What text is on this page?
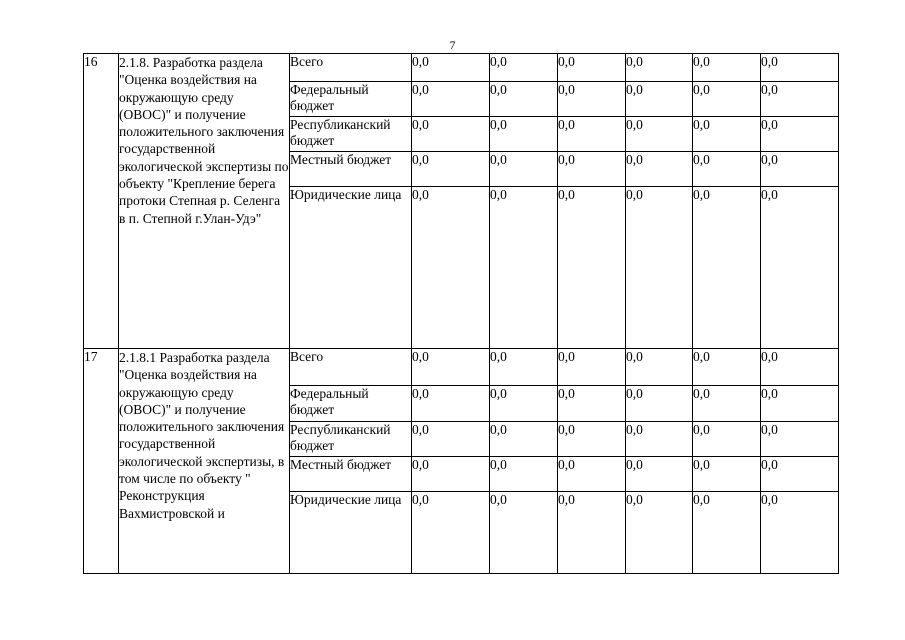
7
16	2.1.8. Разработка раздела "Оценка воздействия на окружающую среду (ОВОС)" и получение положительного заключения государственной экологической экспертизы по объекту "Крепление берега протоки Степная р. Селенга в п. Степной г.Улан-Удэ"	Всего	0,0	0,0	0,0	0,0	0,0	0,0
		Федеральный бюджет	0,0	0,0	0,0	0,0	0,0	0,0
		Республиканский бюджет	0,0	0,0	0,0	0,0	0,0	0,0
		Местный бюджет	0,0	0,0	0,0	0,0	0,0	0,0
		Юридические лица	0,0	0,0	0,0	0,0	0,0	0,0
17	2.1.8.1 Разработка раздела "Оценка воздействия на окружающую среду (ОВОС)" и получение положительного заключения государственной экологической экспертизы, в том числе по объекту " Реконструкция Вахмистровской и	Всего	0,0	0,0	0,0	0,0	0,0	0,0
		Федеральный бюджет	0,0	0,0	0,0	0,0	0,0	0,0
		Республиканский бюджет	0,0	0,0	0,0	0,0	0,0	0,0
		Местный бюджет	0,0	0,0	0,0	0,0	0,0	0,0
		Юридические лица	0,0	0,0	0,0	0,0	0,0	0,0
